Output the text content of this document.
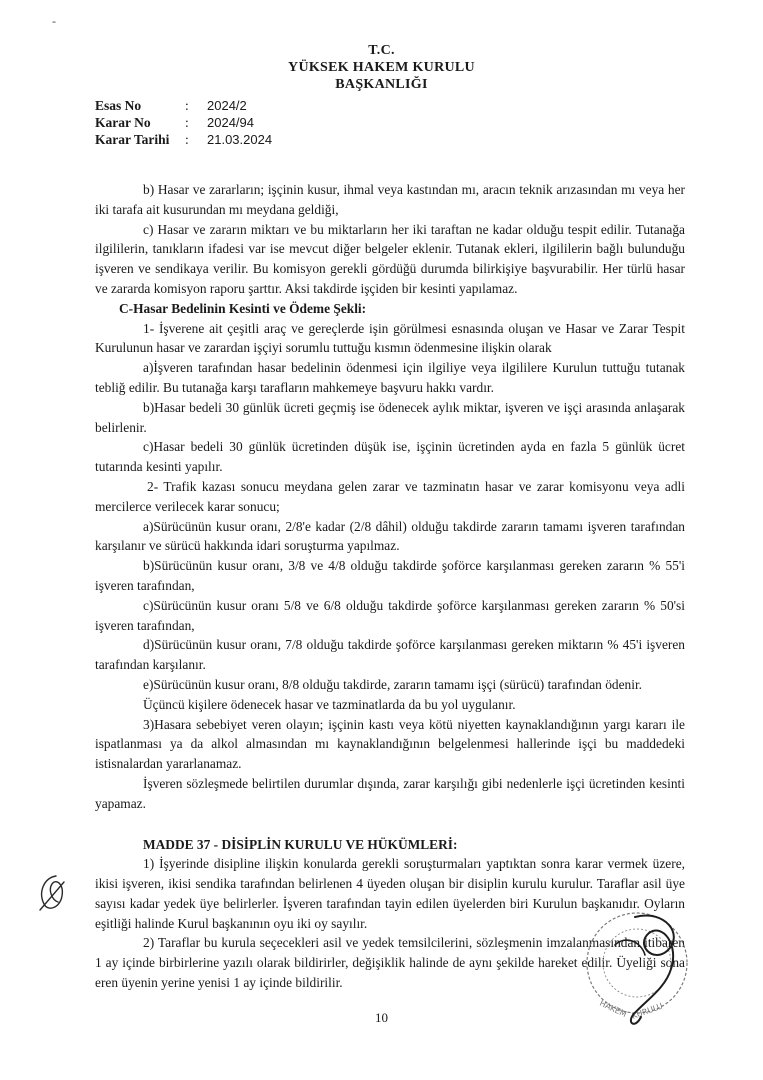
-
T.C.
YÜKSEK HAKEM KURULU
BAŞKANLIĞI
Esas No	:	2024/2
Karar No	:	2024/94
Karar Tarihi	:	21.03.2024

b) Hasar ve zararların; işçinin kusur, ihmal veya kastından mı, aracın teknik arızasından mı veya her iki tarafa ait kusurundan mı meydana geldiği,

c) Hasar ve zararın miktarı ve bu miktarların her iki taraftan ne kadar olduğu tespit edilir. Tutanağa ilgililerin, tanıkların ifadesi var ise mevcut diğer belgeler eklenir. Tutanak ekleri, ilgililerin bağlı bulunduğu işveren ve sendikaya verilir. Bu komisyon gerekli gördüğü durumda bilirkişiye başvurabilir. Her türlü hasar ve zararda komisyon raporu şarttır. Aksi takdirde işçiden bir kesinti yapılamaz.

C-Hasar Bedelinin Kesinti ve Ödeme Şekli:

1- İşverene ait çeşitli araç ve gereçlerde işin görülmesi esnasında oluşan ve Hasar ve Zarar Tespit Kurulunun hasar ve zarardan işçiyi sorumlu tuttuğu kısmın ödenmesine ilişkin olarak

a)İşveren tarafından hasar bedelinin ödenmesi için ilgiliye veya ilgililere Kurulun tuttuğu tutanak tebliğ edilir. Bu tutanağa karşı tarafların mahkemeye başvuru hakkı vardır.

b)Hasar bedeli 30 günlük ücreti geçmiş ise ödenecek aylık miktar, işveren ve işçi arasında anlaşarak belirlenir.

c)Hasar bedeli 30 günlük ücretinden düşük ise, işçinin ücretinden ayda en fazla 5 günlük ücret tutarında kesinti yapılır.

2- Trafik kazası sonucu meydana gelen zarar ve tazminatın hasar ve zarar komisyonu veya adli mercilerce verilecek karar sonucu;

a)Sürücünün kusur oranı, 2/8'e kadar (2/8 dâhil) olduğu takdirde zararın tamamı işveren tarafından karşılanır ve sürücü hakkında idari soruşturma yapılmaz.

b)Sürücünün kusur oranı, 3/8 ve 4/8 olduğu takdirde şoförce karşılanması gereken zararın % 55'i işveren tarafından,

c)Sürücünün kusur oranı 5/8 ve 6/8 olduğu takdirde şoförce karşılanması gereken zararın % 50'si işveren tarafından,

d)Sürücünün kusur oranı, 7/8 olduğu takdirde şoförce karşılanması gereken miktarın % 45'i işveren tarafından karşılanır.

e)Sürücünün kusur oranı, 8/8 olduğu takdirde, zararın tamamı işçi (sürücü) tarafından ödenir.

Üçüncü kişilere ödenecek hasar ve tazminatlarda da bu yol uygulanır.

3)Hasara sebebiyet veren olayın; işçinin kastı veya kötü niyetten kaynaklandığının yargı kararı ile ispatlanması ya da alkol almasından mı kaynaklandığının belgelenmesi hallerinde işçi bu maddedeki istisnalardan yararlanamaz.

İşveren sözleşmede belirtilen durumlar dışında, zarar karşılığı gibi nedenlerle işçi ücretinden kesinti yapamaz.

MADDE 37 - DİSİPLİN KURULU VE HÜKÜMLERİ:

1) İşyerinde disipline ilişkin konularda gerekli soruşturmaları yaptıktan sonra karar vermek üzere, ikisi işveren, ikisi sendika tarafından belirlenen 4 üyeden oluşan bir disiplin kurulu kurulur. Taraflar asil üye sayısı kadar yedek üye belirlerler. İşveren tarafından tayin edilen üyelerden biri Kurulun başkanıdır. Oyların eşitliği halinde Kurul başkanının oyu iki oy sayılır.

2) Taraflar bu kurula seçecekleri asil ve yedek temsilcilerini, sözleşmenin imzalanmasından itibaren 1 ay içinde birbirlerine yazılı olarak bildirirler, değişiklik halinde de aynı şekilde hareket edilir. Üyeliği sona eren üyenin yerine yenisi 1 ay içinde bildirilir.

10	HAKEM KURULU
